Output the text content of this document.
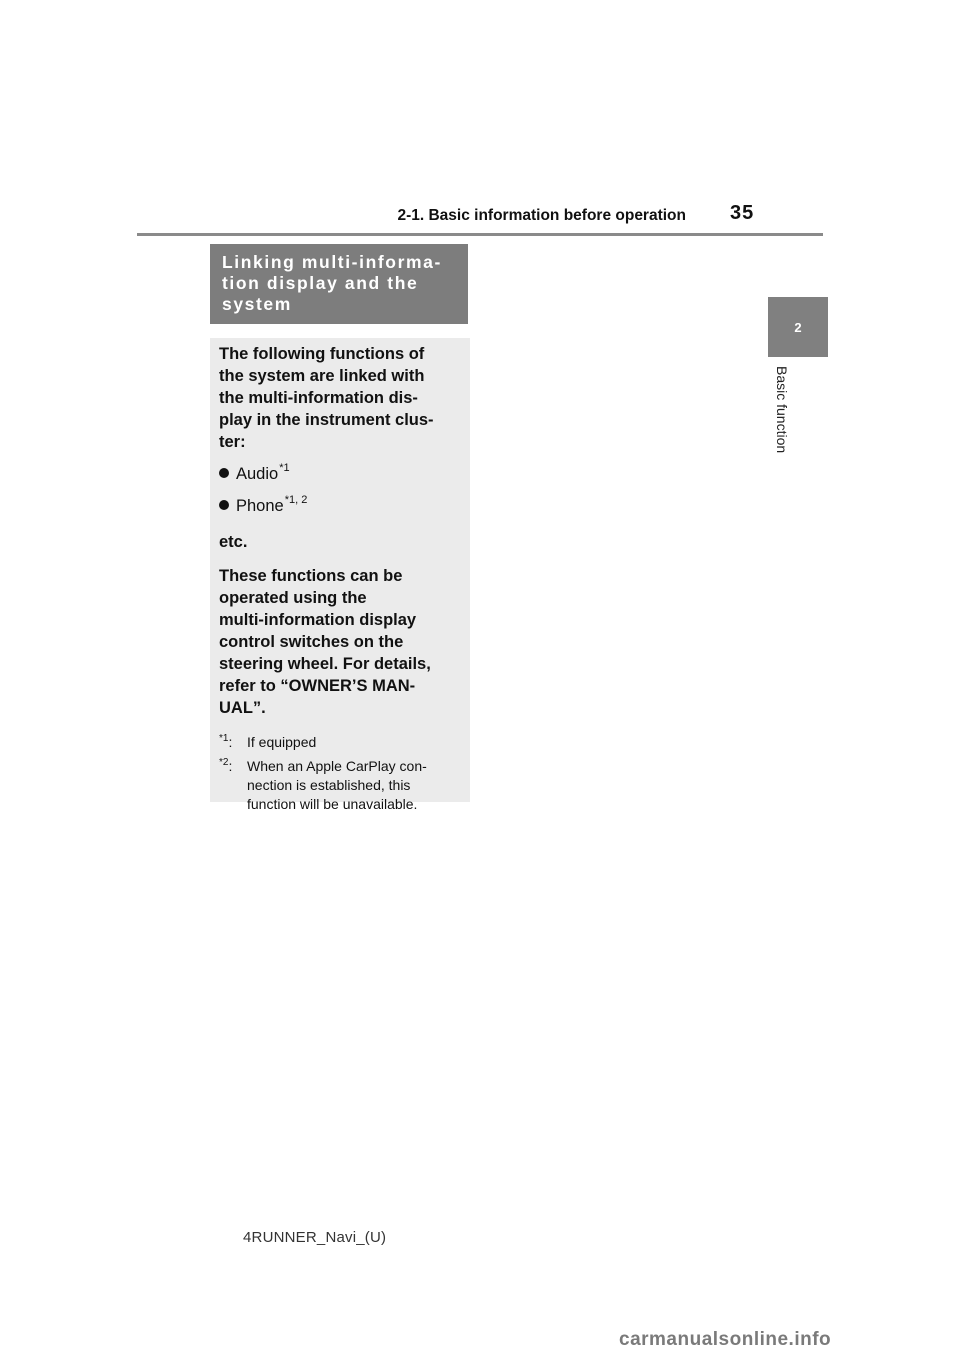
2-1. Basic information before operation 35
2
Basic function
Linking multi-informa-
tion display and the
system
The following functions of
the system are linked with
the multi-information dis-
play in the instrument clus-
ter:
Audio *1
Phone *1, 2
etc.
These functions can be
operated using the
multi-information display
control switches on the
steering wheel. For details,
refer to “OWNER’S MAN-
UAL”.
$^{*1}$:	If equipped
$^{*2}$:	When an Apple CarPlay con-
nection is established, this
function will be unavailable.
4RUNNER_Navi_(U)
carmanualsonline.info
